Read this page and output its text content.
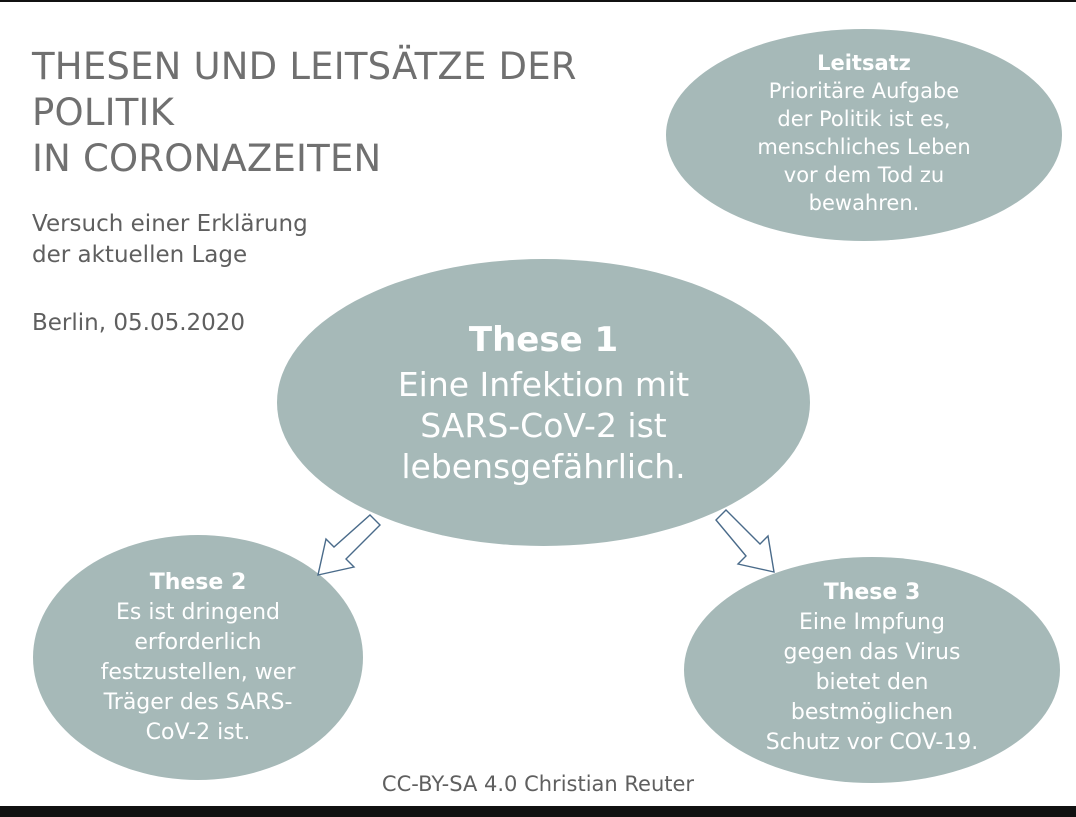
THESEN UND LEITSÄTZE DER
POLITIK
IN CORONAZEITEN
Versuch einer Erklärung
der aktuellen Lage
Berlin, 05.05.2020
Leitsatz
Prioritäre Aufgabe
der Politik ist es,
menschliches Leben
vor dem Tod zu
bewahren.
These 1
Eine Infektion mit
SARS-CoV-2 ist
lebensgefährlich.
These 2
Es ist dringend
erforderlich
festzustellen, wer
Träger des SARS-
CoV-2 ist.
These 3
Eine Impfung
gegen das Virus
bietet den
bestmöglichen
Schutz vor COV-19.
CC-BY-SA 4.0 Christian Reuter
